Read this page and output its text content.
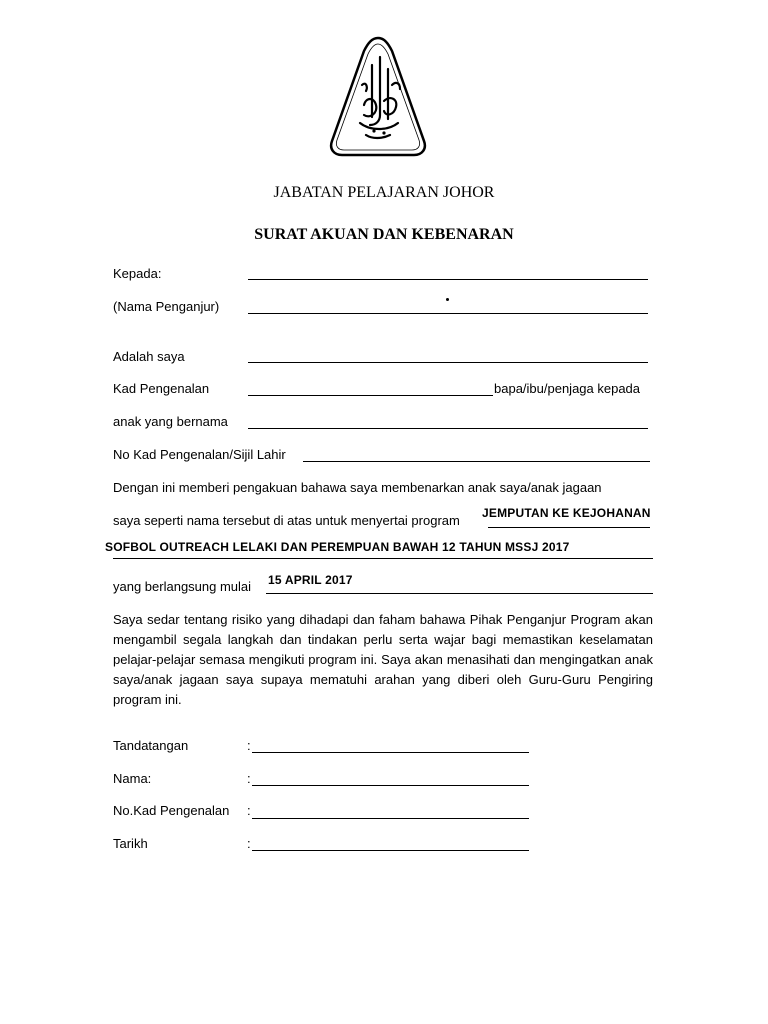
JABATAN PELAJARAN JOHOR
SURAT AKUAN DAN KEBENARAN
Kepada:
(Nama Penganjur)
Adalah saya
Kad Pengenalan	bapa/ibu/penjaga kepada
anak yang bernama
No Kad Pengenalan/Sijil Lahir
Dengan ini memberi pengakuan bahawa saya membenarkan anak saya/anak jagaan
saya seperti nama tersebut di atas untuk menyertai program JEMPUTAN KE KEJOHANAN
SOFBOL OUTREACH LELAKI DAN PEREMPUAN BAWAH 12 TAHUN MSSJ 2017
yang berlangsung mulai 15 APRIL 2017
Saya sedar tentang risiko yang dihadapi dan faham bahawa Pihak Penganjur Program akan mengambil segala langkah dan tindakan perlu serta wajar bagi memastikan keselamatan pelajar-pelajar semasa mengikuti program ini. Saya akan menasihati dan mengingatkan anak saya/anak jagaan saya supaya mematuhi arahan yang diberi oleh Guru-Guru Pengiring program ini.
Tandatangan	:
Nama:	:
No.Kad Pengenalan :
Tarikh	:
